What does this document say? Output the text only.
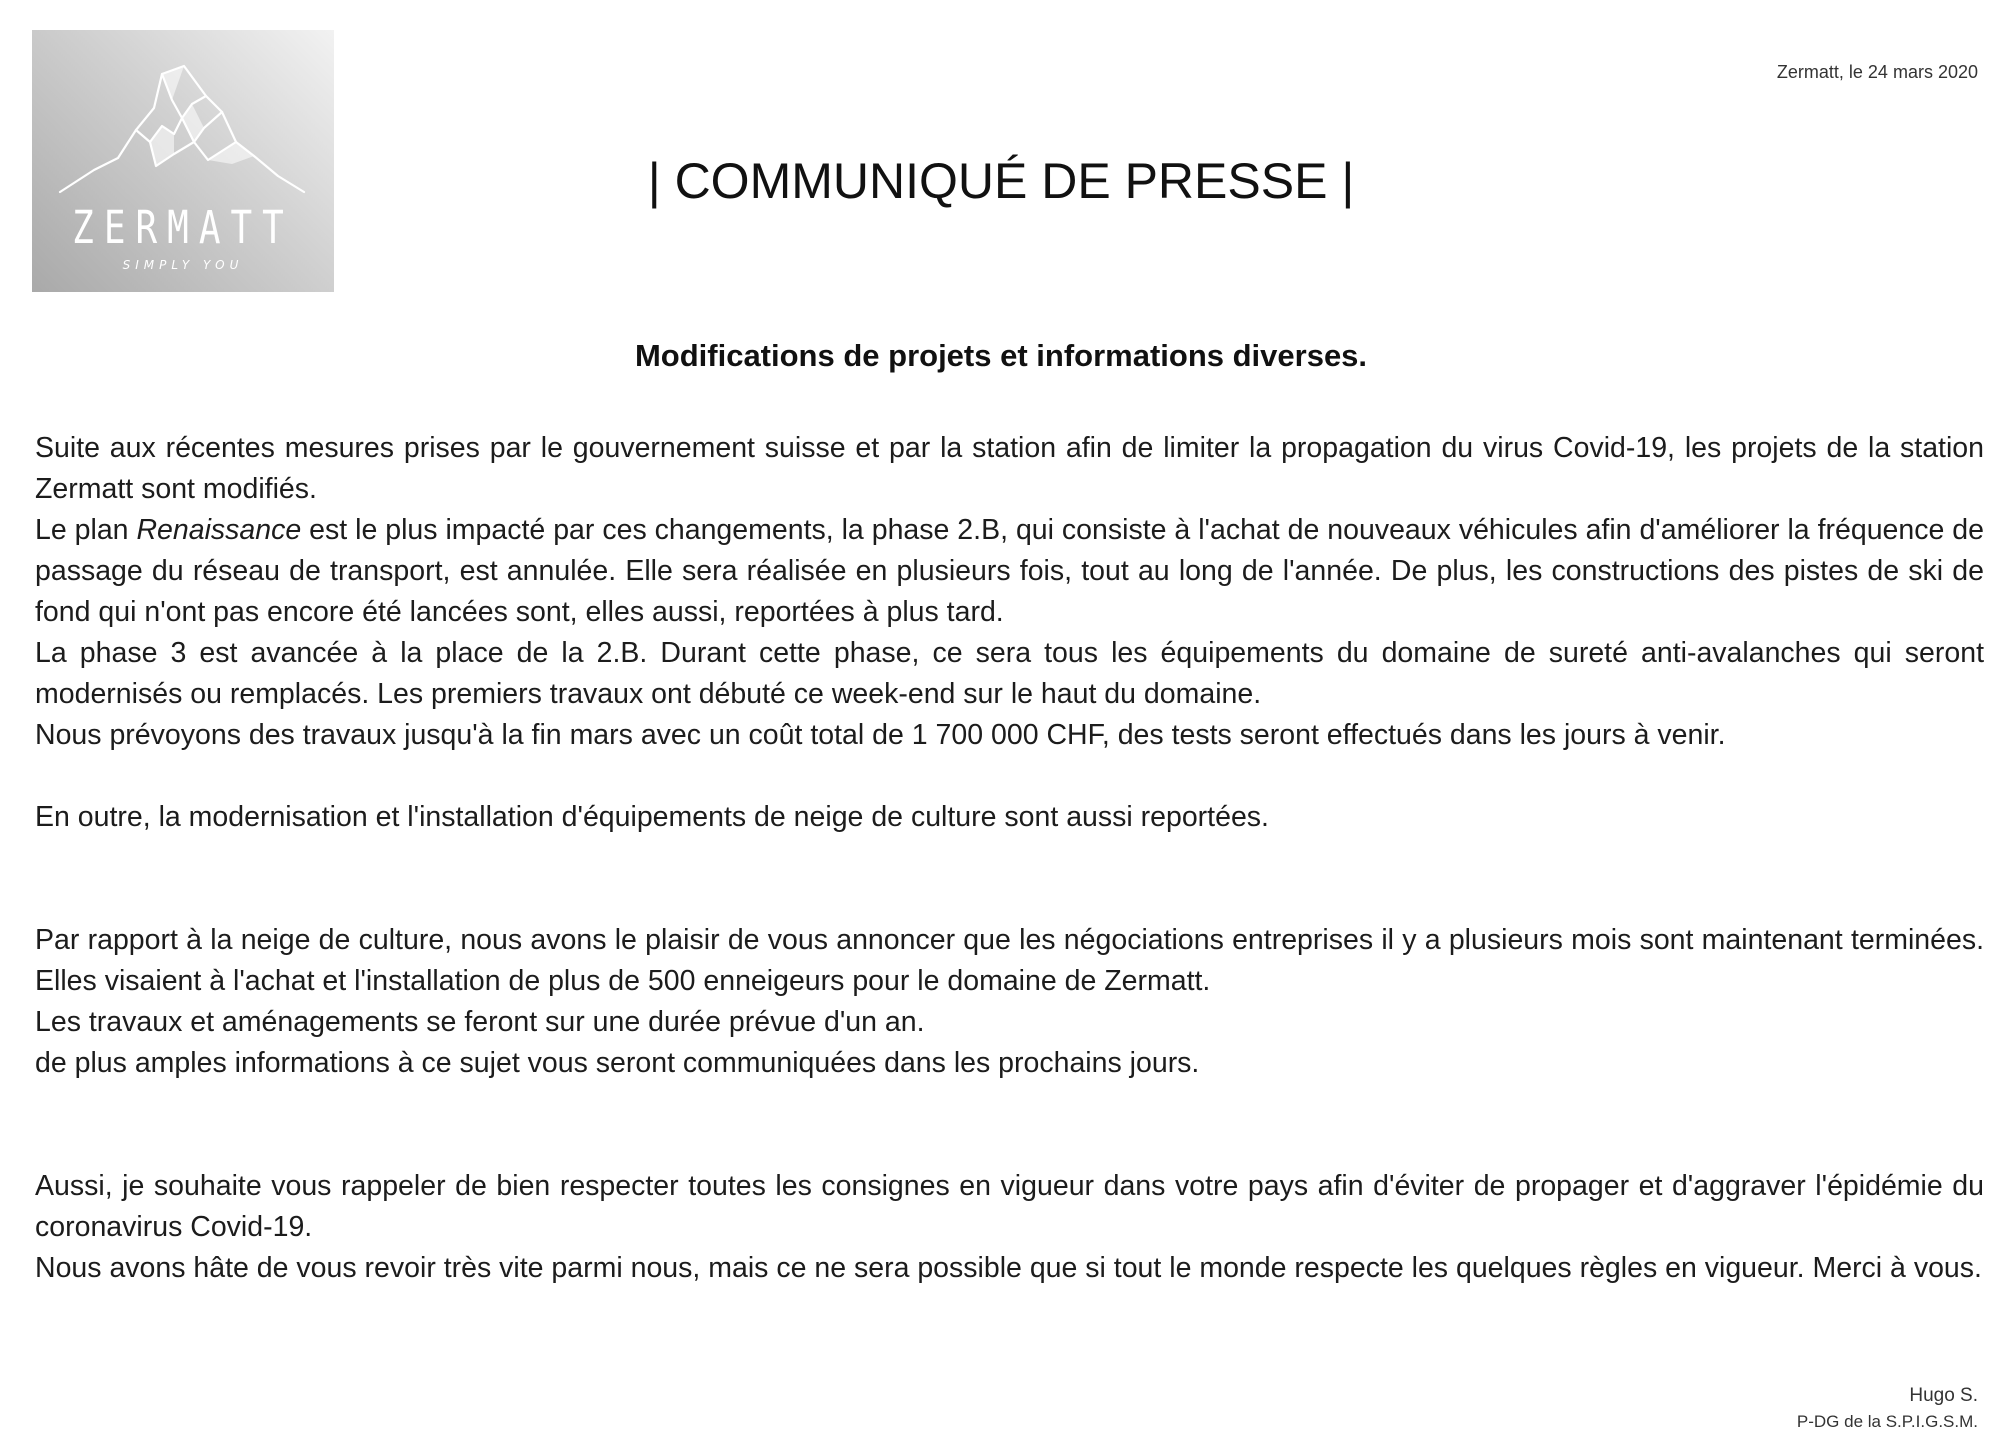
ZERMATT
SIMPLY YOU
Zermatt, le 24 mars 2020
| COMMUNIQUÉ DE PRESSE |
Modifications de projets et informations diverses.

Suite aux récentes mesures prises par le gouvernement suisse et par la station afin de limiter la propagation du virus Covid-19, les projets de la station Zermatt sont modifiés.

Le plan Renaissance est le plus impacté par ces changements, la phase 2.B, qui consiste à l'achat de nouveaux véhicules afin d'améliorer la fréquence de passage du réseau de transport, est annulée. Elle sera réalisée en plusieurs fois, tout au long de l'année. De plus, les constructions des pistes de ski de fond qui n'ont pas encore été lancées sont, elles aussi, reportées à plus tard.

La phase 3 est avancée à la place de la 2.B. Durant cette phase, ce sera tous les équipements du domaine de sureté anti-avalanches qui seront modernisés ou remplacés. Les premiers travaux ont débuté ce week-end sur le haut du domaine.

Nous prévoyons des travaux jusqu'à la fin mars avec un coût total de 1 700 000 CHF, des tests seront effectués dans les jours à venir.

En outre, la modernisation et l'installation d'équipements de neige de culture sont aussi reportées.

Par rapport à la neige de culture, nous avons le plaisir de vous annoncer que les négociations entreprises il y a plusieurs mois sont maintenant terminées. Elles visaient à l'achat et l'installation de plus de 500 enneigeurs pour le domaine de Zermatt.

Les travaux et aménagements se feront sur une durée prévue d'un an.

de plus amples informations à ce sujet vous seront communiquées dans les prochains jours.

Aussi, je souhaite vous rappeler de bien respecter toutes les consignes en vigueur dans votre pays afin d'éviter de propager et d'aggraver l'épidémie du coronavirus Covid-19.

Nous avons hâte de vous revoir très vite parmi nous, mais ce ne sera possible que si tout le monde respecte les quelques règles en vigueur. Merci à vous.

Hugo S.
P-DG de la S.P.I.G.S.M.
